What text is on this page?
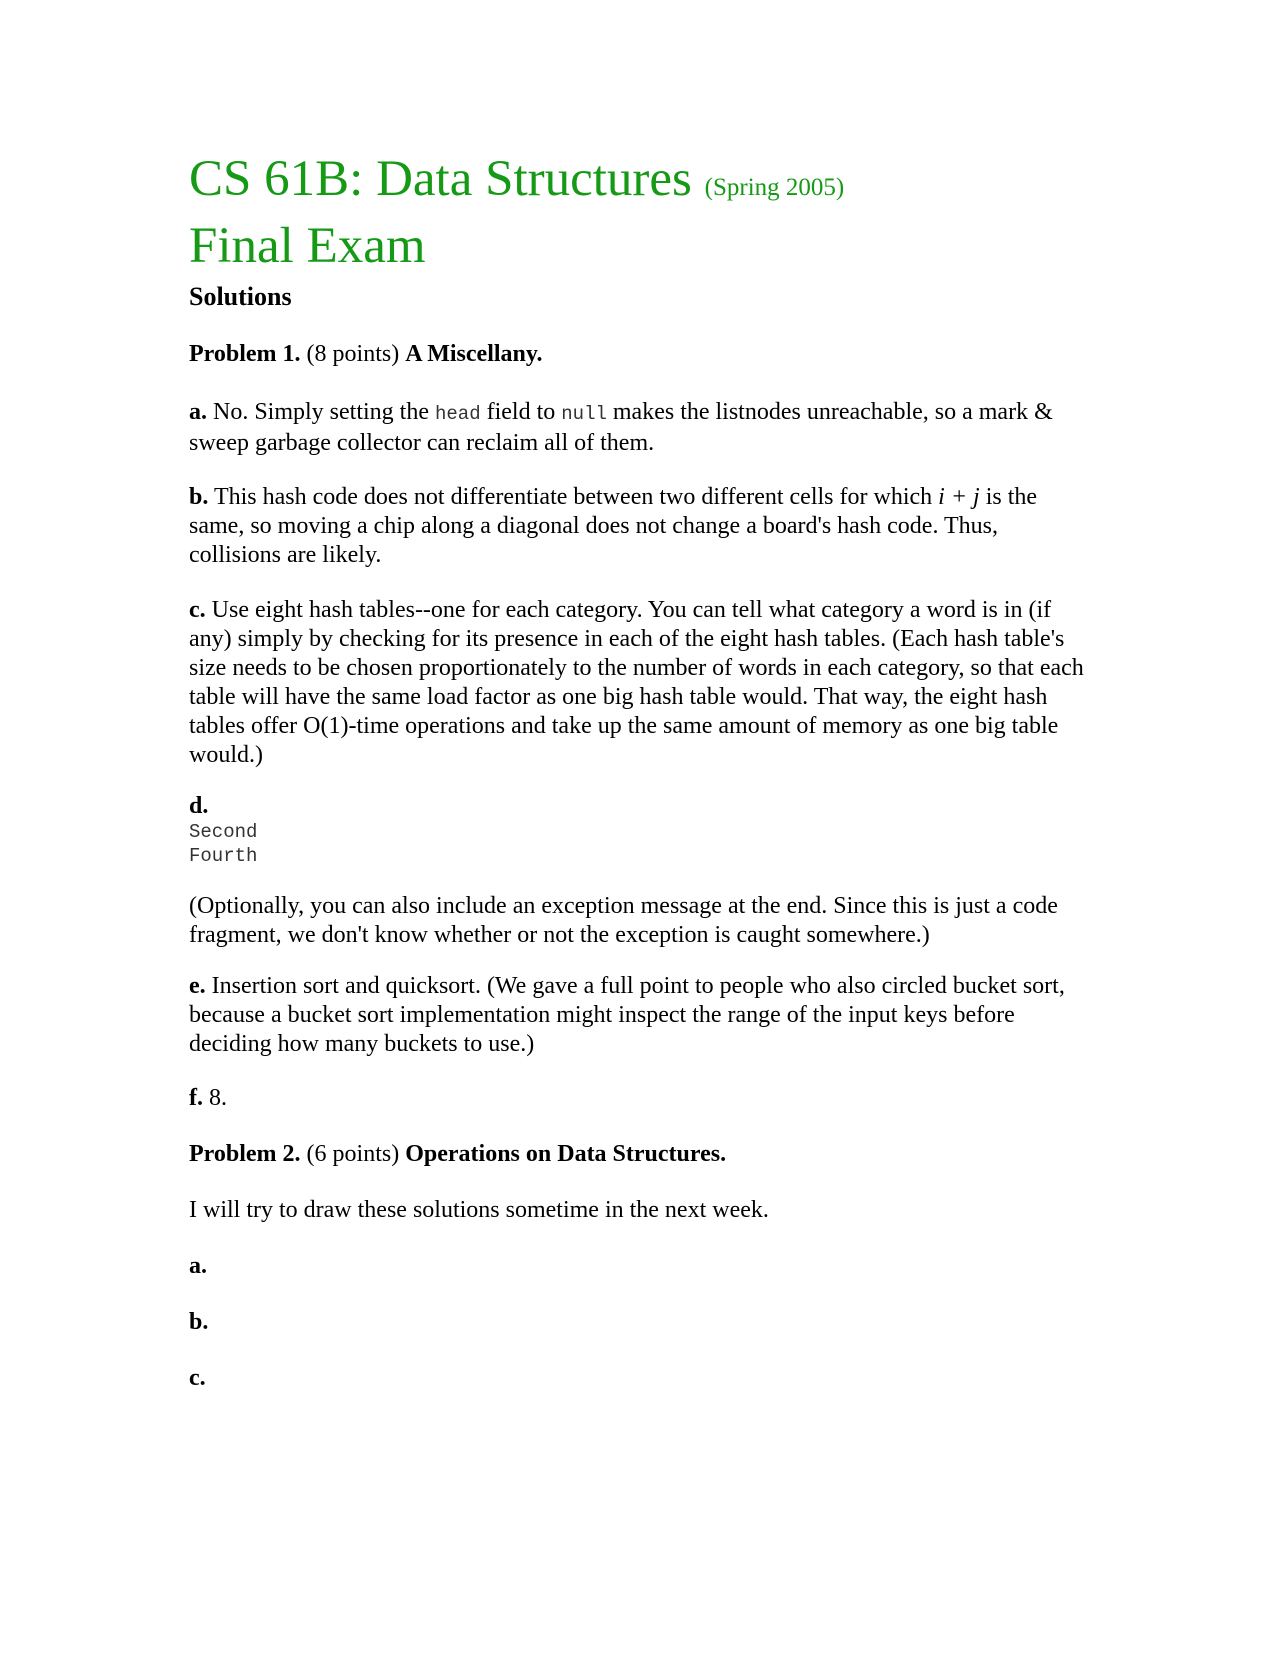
CS 61B: Data Structures (Spring 2005)
Final Exam
Solutions

Problem 1. (8 points) A Miscellany.

a. No. Simply setting the head field to null makes the listnodes unreachable, so a mark & sweep garbage collector can reclaim all of them.

b. This hash code does not differentiate between two different cells for which i + j is the same, so moving a chip along a diagonal does not change a board's hash code. Thus, collisions are likely.

c. Use eight hash tables--one for each category. You can tell what category a word is in (if any) simply by checking for its presence in each of the eight hash tables. (Each hash table's size needs to be chosen proportionately to the number of words in each category, so that each table will have the same load factor as one big hash table would. That way, the eight hash tables offer O(1)-time operations and take up the same amount of memory as one big table would.)

d.

Second
Fourth

(Optionally, you can also include an exception message at the end. Since this is just a code fragment, we don't know whether or not the exception is caught somewhere.)

e. Insertion sort and quicksort. (We gave a full point to people who also circled bucket sort, because a bucket sort implementation might inspect the range of the input keys before deciding how many buckets to use.)

f. 8.

Problem 2. (6 points) Operations on Data Structures.

I will try to draw these solutions sometime in the next week.

a.

b.

c.
